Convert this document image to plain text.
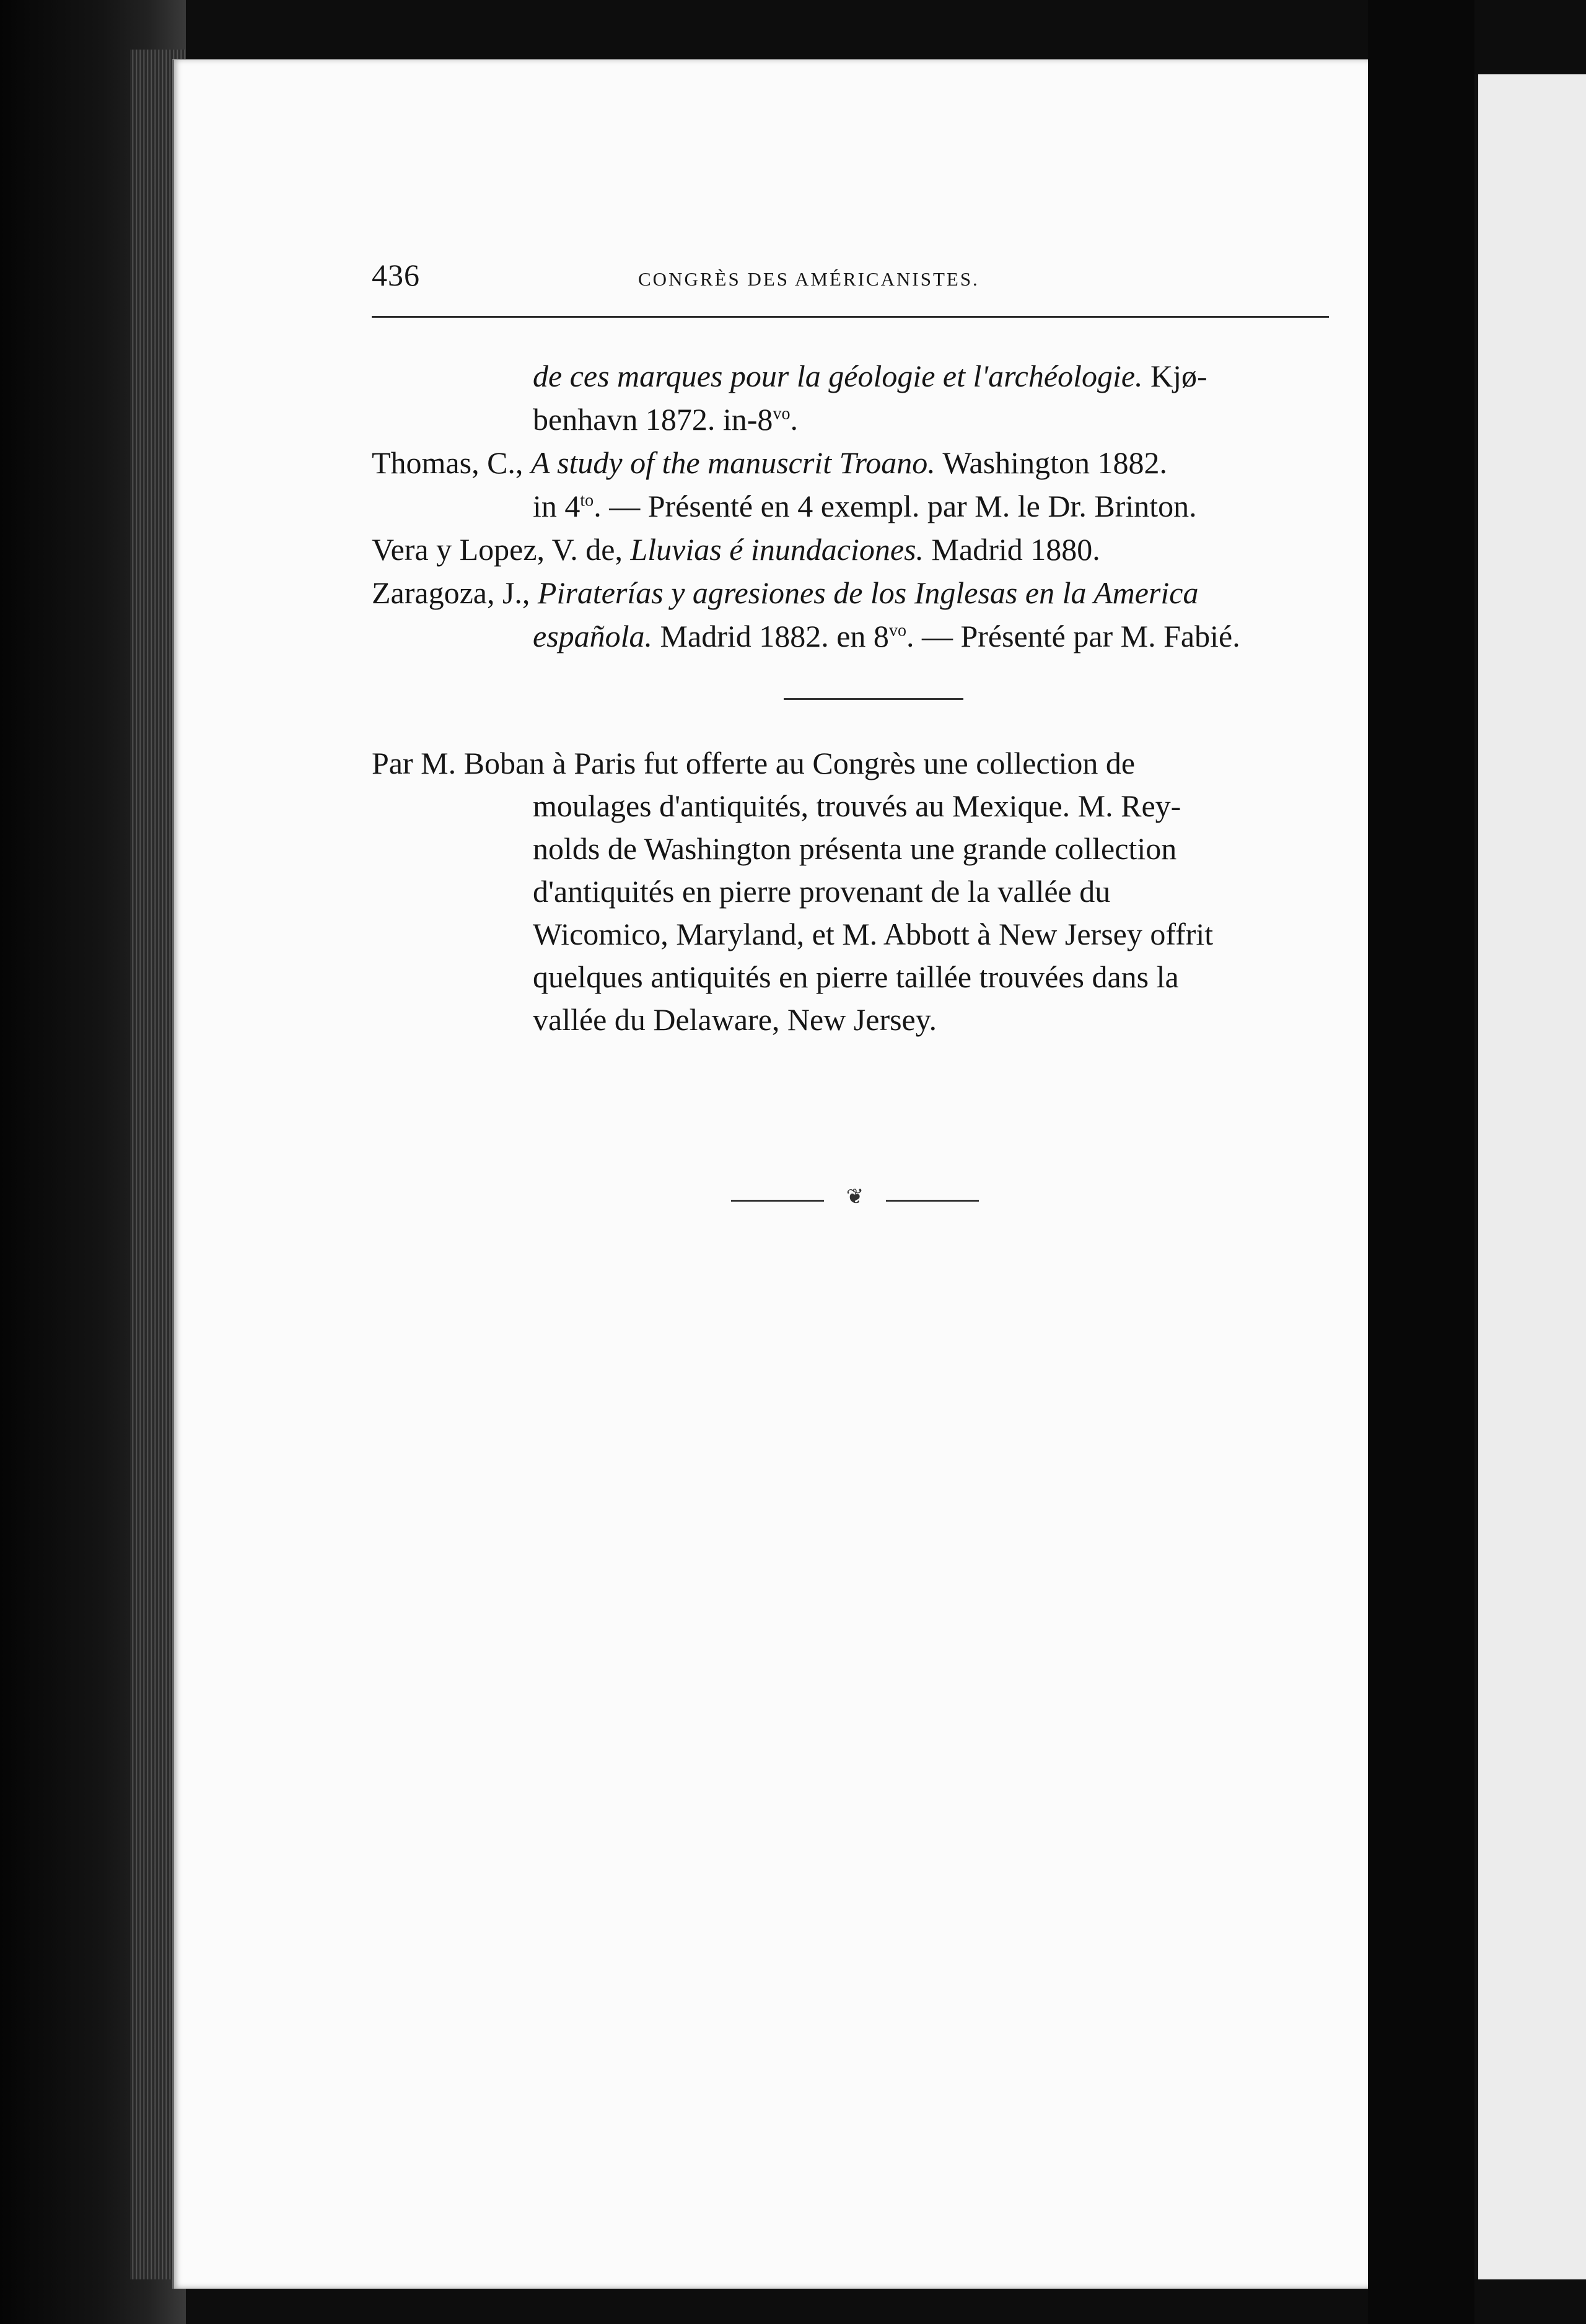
436	CONGRÈS DES AMÉRICANISTES.
de ces marques pour la géologie et l'archéologie. Kjø-
benhavn 1872. $in-8^{vo}$.
Thomas, C., A study of the manuscrit Troano. Washington 1882.
in $4^{to}$. — Présenté en 4 exempl. par M. le Dr. Brinton.
Vera y Lopez, V. de, Lluvias é inundaciones. Madrid 1880.
Zaragoza, J., Piraterías y agresiones de los Inglesas en la America
española. Madrid 1882. en $8^{vo}$. — Présenté par M. Fabié.
Par M. Boban à Paris fut offerte au Congrès une collection de
moulages d'antiquités, trouvés au Mexique. M. Rey-
nolds de Washington présenta une grande collection
d'antiquités en pierre provenant de la vallée du
Wicomico, Maryland, et M. Abbott à New Jersey offrit
quelques antiquités en pierre taillée trouvées dans la
vallée du Delaware, New Jersey.
❦
